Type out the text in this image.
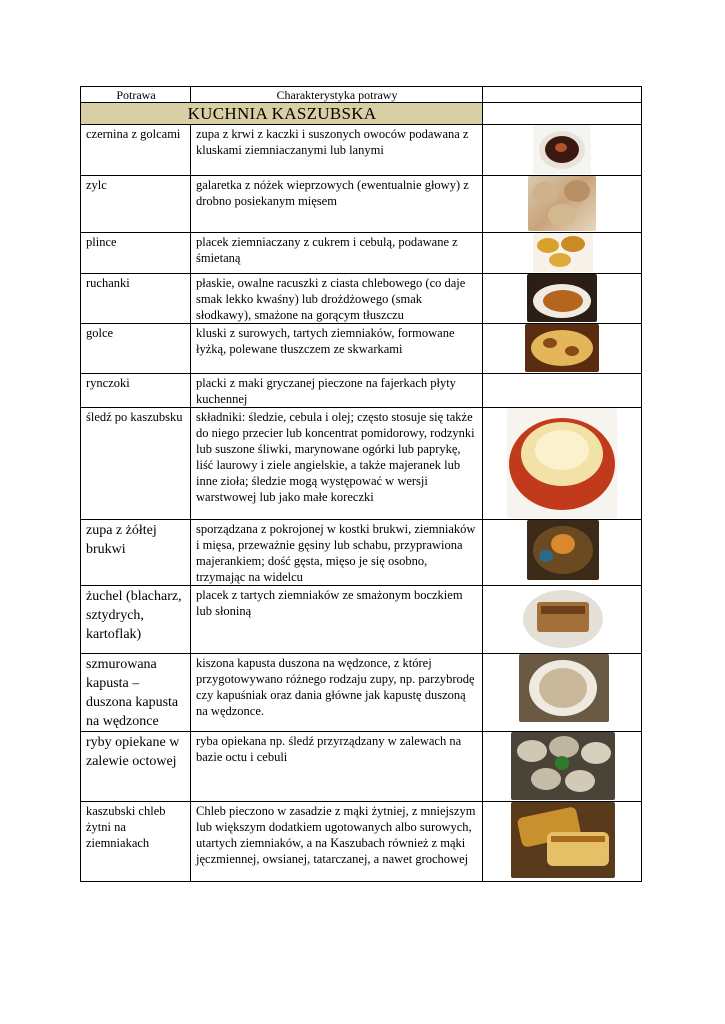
Potrawa	Charakterystyka potrawy	
KUCHNIA KASZUBSKA		
czernina z golcami	zupa z krwi z kaczki i suszonych owoców podawana z kluskami ziemniaczanymi lub lanymi	

zylc	galaretka z nóżek wieprzowych (ewentualnie głowy) z drobno posiekanym mięsem	

plince	placek ziemniaczany z cukrem i cebulą, podawane z śmietaną	

ruchanki	płaskie, owalne racuszki z ciasta chlebowego (co daje smak lekko kwaśny) lub drożdżowego (smak słodkawy), smażone na gorącym tłuszczu	

golce	kluski z surowych, tartych ziemniaków, formowane łyżką, polewane tłuszczem ze skwarkami	

rynczoki	placki z maki gryczanej pieczone na fajerkach płyty kuchennej	
śledź po kaszubsku	składniki: śledzie, cebula i olej; często stosuje się także do niego przecier lub koncentrat pomidorowy, rodzynki lub suszone śliwki, marynowane ogórki lub paprykę, liść laurowy i ziele angielskie, a także majeranek lub inne zioła; śledzie mogą występować w wersji warstwowej lub jako małe koreczki	

zupa z żółtej brukwi	sporządzana z pokrojonej w kostki brukwi, ziemniaków i mięsa, przeważnie gęsiny lub schabu, przyprawiona majerankiem; dość gęsta, mięso je się osobno, trzymając na widelcu	

żuchel (blacharz, sztydrych, kartoflak)	placek z tartych ziemniaków ze smażonym boczkiem lub słoniną	

szmurowana kapusta – duszona kapusta na wędzonce	kiszona kapusta duszona na wędzonce, z której przygotowywano różnego rodzaju zupy, np. parzybrodę czy kapuśniak oraz dania główne jak kapustę duszoną na wędzonce.	

ryby opiekane w zalewie octowej	ryba opiekana np. śledź przyrządzany w zalewach na bazie octu i cebuli	

kaszubski chleb żytni na ziemniakach	Chleb pieczono w zasadzie z mąki żytniej, z mniejszym lub większym dodatkiem ugotowanych albo surowych, utartych ziemniaków, a na Kaszubach również z mąki jęczmiennej, owsianej, tatarczanej, a nawet grochowej	
